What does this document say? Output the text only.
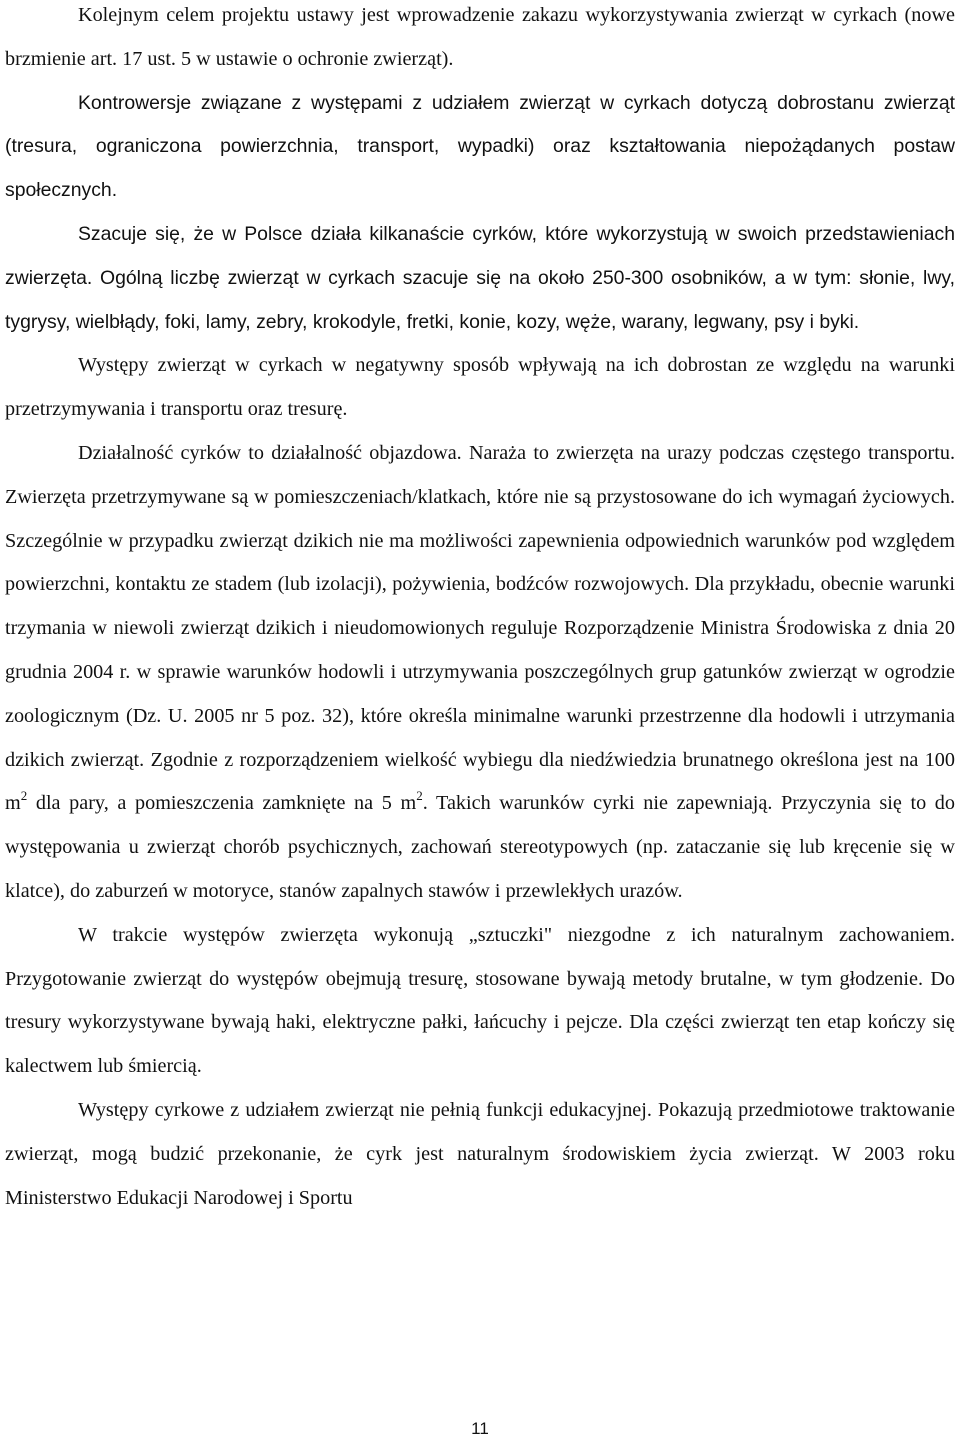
Kolejnym celem projektu ustawy jest wprowadzenie zakazu wykorzystywania zwierząt w cyrkach (nowe brzmienie art. 17 ust. 5 w ustawie o ochronie zwierząt).

Kontrowersje związane z występami z udziałem zwierząt w cyrkach dotyczą dobrostanu zwierząt (tresura, ograniczona powierzchnia, transport, wypadki) oraz kształtowania niepożądanych postaw społecznych.

Szacuje się, że w Polsce działa kilkanaście cyrków, które wykorzystują w swoich przedstawieniach zwierzęta. Ogólną liczbę zwierząt w cyrkach szacuje się na około 250-300 osobników, a w tym: słonie, lwy, tygrysy, wielbłądy, foki, lamy, zebry, krokodyle, fretki, konie, kozy, węże, warany, legwany, psy i byki.

Występy zwierząt w cyrkach w negatywny sposób wpływają na ich dobrostan ze względu na warunki przetrzymywania i transportu oraz tresurę.

Działalność cyrków to działalność objazdowa. Naraża to zwierzęta na urazy podczas częstego transportu. Zwierzęta przetrzymywane są w pomieszczeniach/klatkach, które nie są przystosowane do ich wymagań życiowych. Szczególnie w przypadku zwierząt dzikich nie ma możliwości zapewnienia odpowiednich warunków pod względem powierzchni, kontaktu ze stadem (lub izolacji), pożywienia, bodźców rozwojowych. Dla przykładu, obecnie warunki trzymania w niewoli zwierząt dzikich i nieudomowionych reguluje Rozporządzenie Ministra Środowiska z dnia 20 grudnia 2004 r. w sprawie warunków hodowli i utrzymywania poszczególnych grup gatunków zwierząt w ogrodzie zoologicznym (Dz. U. 2005 nr 5 poz. 32), które określa minimalne warunki przestrzenne dla hodowli i utrzymania dzikich zwierząt. Zgodnie z rozporządzeniem wielkość wybiegu dla niedźwiedzia brunatnego określona jest na 100 $m^2$ dla pary, a pomieszczenia zamknięte na 5 $m^2$. Takich warunków cyrki nie zapewniają. Przyczynia się to do występowania u zwierząt chorób psychicznych, zachowań stereotypowych (np. zataczanie się lub kręcenie się w klatce), do zaburzeń w motoryce, stanów zapalnych stawów i przewlekłych urazów.

W trakcie występów zwierzęta wykonują „sztuczki" niezgodne z ich naturalnym zachowaniem. Przygotowanie zwierząt do występów obejmują tresurę, stosowane bywają metody brutalne, w tym głodzenie. Do tresury wykorzystywane bywają haki, elektryczne pałki, łańcuchy i pejcze. Dla części zwierząt ten etap kończy się kalectwem lub śmiercią.

Występy cyrkowe z udziałem zwierząt nie pełnią funkcji edukacyjnej. Pokazują przedmiotowe traktowanie zwierząt, mogą budzić przekonanie, że cyrk jest naturalnym środowiskiem życia zwierząt. W 2003 roku Ministerstwo Edukacji Narodowej i Sportu

11
